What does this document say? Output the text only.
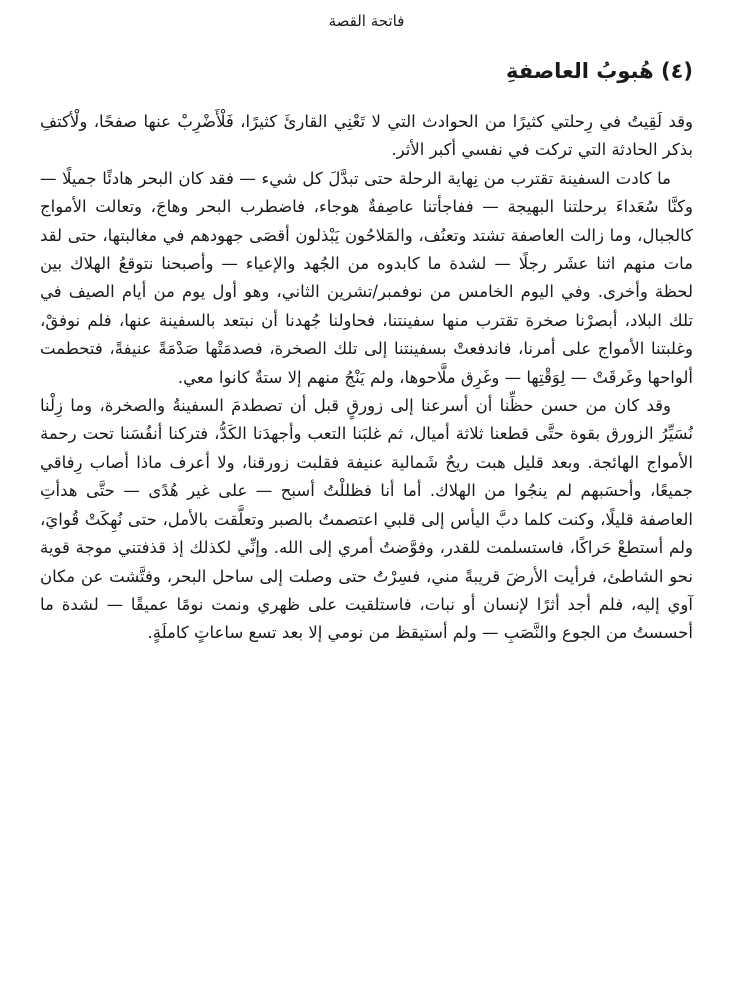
فاتحة القصة
(٤) هُبوبُ العاصفةِ

وقد لَقِيتُ في رِحلتي كثيرًا من الحوادث التي لا تَعْنِي القارئَ كثيرًا، فَلْأَضْرِبْ عنها صفحًا، ولْأكتفِ بذكر الحادثة التي تركت في نفسي أكبر الأثر.

ما كادت السفينة تقترب من نِهاية الرحلة حتى تبدَّلَ كل شيء — فقد كان البحر هادئًا جميلًا — وكنَّا سُعَداءَ برحلتنا البهيجة — ففاجأتنا عاصِفةٌ هوجاء، فاضطرب البحر وهاجَ، وتعالت الأمواج كالجبال، وما زالت العاصفة تشتد وتعنُف، والمَلاحُون يَبْذلون أقصَى جهودهم في مغالبتها، حتى لقد مات منهم اثنا عشَر رجلًا — لشدة ما كابدوه من الجُهد والإعياء — وأصبحنا نتوقعُ الهلاك بين لحظة وأخرى. وفي اليوم الخامس من نوفمبر/تشرين الثاني، وهو أول يوم من أيام الصيف في تلك البلاد، أبصرْنا صخرة تقترب منها سفينتنا، فحاولنا جُهدنا أن نبتعد بالسفينة عنها، فلم نوفقْ، وغلبتنا الأمواج على أمرنا، فاندفعتْ بسفينتنا إلى تلك الصخرة، فصدمَتْها صَدْمَةً عنيفةً، فتحطمت ألواحها وغَرقَتْ — لِوَقْتِها — وغَرِق ملَّاحوها، ولم يَنْجُ منهم إلا ستةٌ كانوا معي.

وقد كان من حسن حظِّنا أن أسرعنا إلى زورقٍ قبل أن تصطدمَ السفينةُ والصخرة، وما زِلْنا نُسَيِّرُ الزورق بقوة حتَّى قطعنا ثلاثة أميال، ثم غلبَنا التعب وأجهدَنا الكَدُّ، فتركنا أنفُسَنا تحت رحمة الأمواج الهائجة. وبعد قليل هبت ريحٌ شَمالية عنيفة فقلبت زورقنا، ولا أعرف ماذا أصاب رِفاقي جميعًا، وأحسَبهم لم ينجُوا من الهلاك. أما أنا فظللْتُ أسبح — على غير هُدًى — حتَّى هدأتِ العاصفة قليلًا، وكنت كلما دبَّ اليأس إلى قلبي اعتصمتُ بالصبر وتعلَّقت بالأمل، حتى نُهِكَتْ قُوايَ، ولم أستطعْ حَراكًا، فاستسلمت للقدر، وفوَّضتُ أمري إلى الله. وإنِّي لكذلك إذ قذفتني موجة قوية نحو الشاطئ، فرأيت الأرضَ قريبةً مني، فسِرْتُ حتى وصلت إلى ساحل البحر، وفتَّشت عن مكان آوي إليه، فلم أجد أثرًا لإنسان أو نبات، فاستلقيت على ظهري ونمت نومًا عميقًا — لشدة ما أحسستُ من الجوع والنَّصَبِ — ولم أستيقظ من نومي إلا بعد تسع ساعاتٍ كاملَةٍ.
